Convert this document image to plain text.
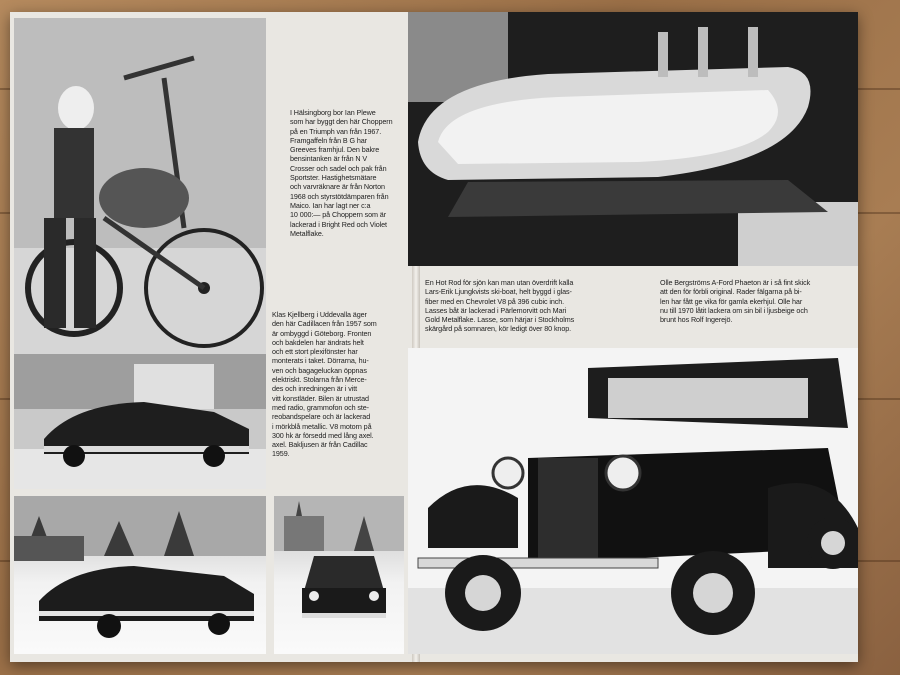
I Hälsingborg bor Ian Plewe
som har byggt den här Choppern
på en Triumph van från 1967.
Framgaffeln från B G har
Greeves framhjul. Den bakre
bensintanken är från N V
Crosser och sadel och pak från
Sportster. Hastighetsmätare
och varvräknare är från Norton
1968 och styrstötdämparen från
Maico. Ian har lagt ner c:a
10 000:— på Choppern som är
lackerad i Bright Red och Violet
Metalflake.
Klas Kjellberg i Uddevalla äger
den här Cadillacen från 1957 som
är ombyggd i Göteborg. Fronten
och bakdelen har ändrats helt
och ett stort plexifönster har
monterats i taket. Dörrarna, hu-
ven och bagageluckan öppnas
elektriskt. Stolarna från Merce-
des och inredningen är i vitt
vitt konstläder. Bilen är utrustad
med radio, grammofon och ste-
reobandspelare och är lackerad
i mörkblå metallic. V8 motorn på
300 hk är försedd med lång axel.
axel. Bakljusen är från Cadillac
1959.
En Hot Rod för sjön kan man utan överdrift kalla
Lars-Erik Ljungkvists ski-boat, helt byggd i glas-
fiber med en Chevrolet V8 på 396 cubic inch.
Lasses båt är lackerad i Pärlemorvitt och Mari
Gold Metalflake. Lasse, som härjar i Stockholms
skärgård på somnaren, kör ledigt över 80 knop.
Olle Bergströms A-Ford Phaeton är i så fint skick
att den för förbli original. Rader fälgarna på bi-
len har fått ge vika för gamla ekerhjul. Olle har
nu till 1970 låtit lackera om sin bil i ljusbeige och
brunt hos Rolf Ingerejö.
